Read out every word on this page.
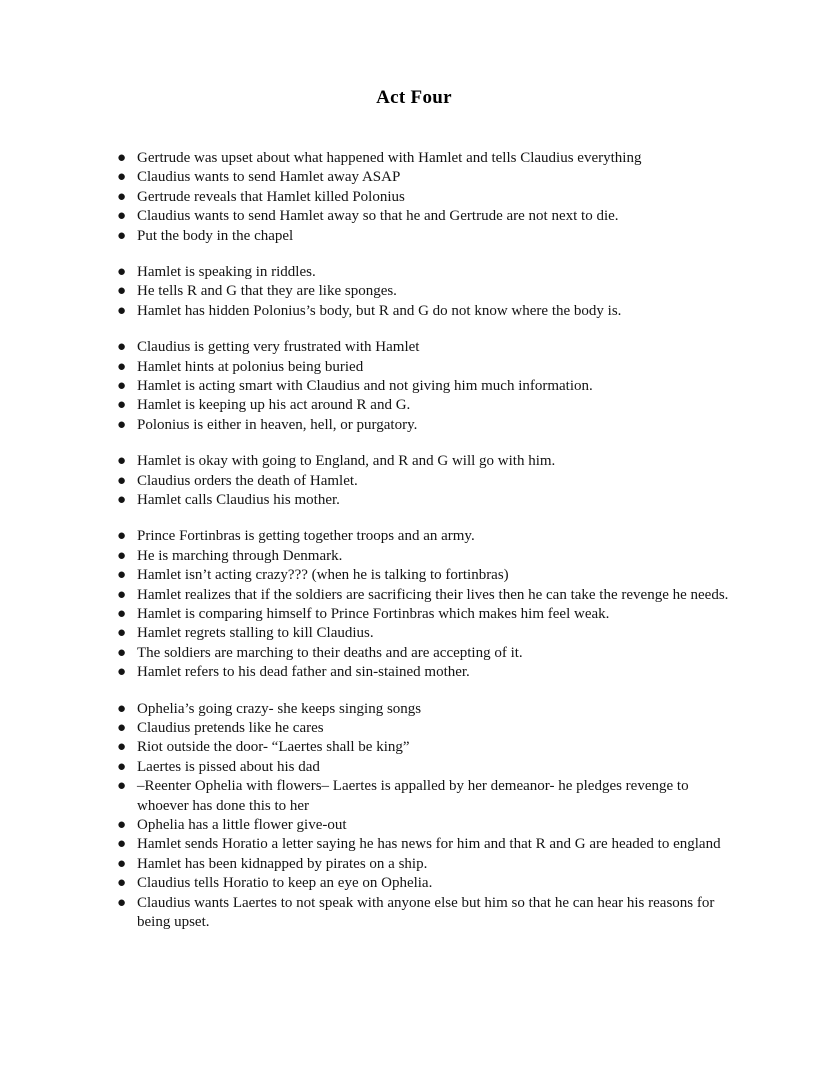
Act Four
● Gertrude was upset about what happened with Hamlet and tells Claudius everything
● Claudius wants to send Hamlet away ASAP
● Gertrude reveals that Hamlet killed Polonius
● Claudius wants to send Hamlet away so that he and Gertrude are not next to die.
● Put the body in the chapel
● Hamlet is speaking in riddles.
● He tells R and G that they are like sponges.
● Hamlet has hidden Polonius’s body, but R and G do not know where the body is.
● Claudius is getting very frustrated with Hamlet
● Hamlet hints at polonius being buried
● Hamlet is acting smart with Claudius and not giving him much information.
● Hamlet is keeping up his act around R and G.
● Polonius is either in heaven, hell, or purgatory.
● Hamlet is okay with going to England, and R and G will go with him.
● Claudius orders the death of Hamlet.
● Hamlet calls Claudius his mother.
● Prince Fortinbras is getting together troops and an army.
● He is marching through Denmark.
● Hamlet isn’t acting crazy??? (when he is talking to fortinbras)
● Hamlet realizes that if the soldiers are sacrificing their lives then he can take the revenge he needs.
● Hamlet is comparing himself to Prince Fortinbras which makes him feel weak.
● Hamlet regrets stalling to kill Claudius.
● The soldiers are marching to their deaths and are accepting of it.
● Hamlet refers to his dead father and sin-stained mother.
● Ophelia’s going crazy- she keeps singing songs
● Claudius pretends like he cares
● Riot outside the door- “Laertes shall be king”
● Laertes is pissed about his dad
● –Reenter Ophelia with flowers– Laertes is appalled by her demeanor- he pledges revenge to whoever has done this to her
● Ophelia has a little flower give-out
● Hamlet sends Horatio a letter saying he has news for him and that R and G are headed to england
● Hamlet has been kidnapped by pirates on a ship.
● Claudius tells Horatio to keep an eye on Ophelia.
● Claudius wants Laertes to not speak with anyone else but him so that he can hear his reasons for being upset.
